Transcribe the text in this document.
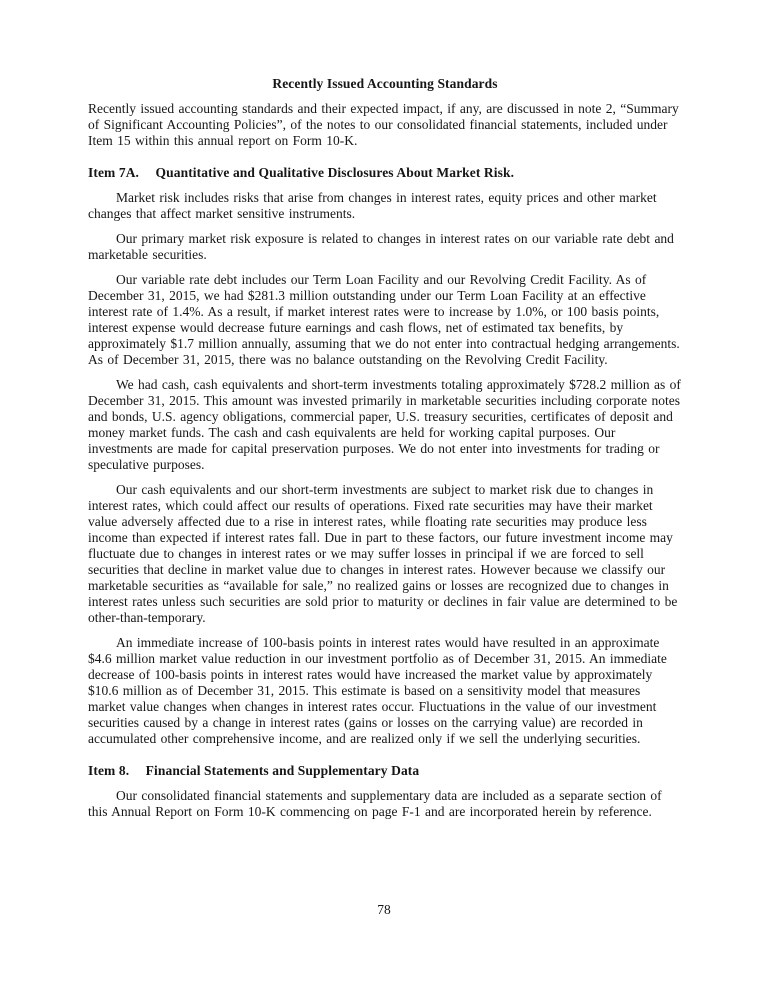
Recently Issued Accounting Standards

Recently issued accounting standards and their expected impact, if any, are discussed in note 2, “Summary of Significant Accounting Policies”, of the notes to our consolidated financial statements, included under Item 15 within this annual report on Form 10-K.

Item 7A. Quantitative and Qualitative Disclosures About Market Risk.

Market risk includes risks that arise from changes in interest rates, equity prices and other market changes that affect market sensitive instruments.

Our primary market risk exposure is related to changes in interest rates on our variable rate debt and marketable securities.

Our variable rate debt includes our Term Loan Facility and our Revolving Credit Facility. As of December 31, 2015, we had $281.3 million outstanding under our Term Loan Facility at an effective interest rate of 1.4%. As a result, if market interest rates were to increase by 1.0%, or 100 basis points, interest expense would decrease future earnings and cash flows, net of estimated tax benefits, by approximately $1.7 million annually, assuming that we do not enter into contractual hedging arrangements. As of December 31, 2015, there was no balance outstanding on the Revolving Credit Facility.

We had cash, cash equivalents and short-term investments totaling approximately $728.2 million as of December 31, 2015. This amount was invested primarily in marketable securities including corporate notes and bonds, U.S. agency obligations, commercial paper, U.S. treasury securities, certificates of deposit and money market funds. The cash and cash equivalents are held for working capital purposes. Our investments are made for capital preservation purposes. We do not enter into investments for trading or speculative purposes.

Our cash equivalents and our short-term investments are subject to market risk due to changes in interest rates, which could affect our results of operations. Fixed rate securities may have their market value adversely affected due to a rise in interest rates, while floating rate securities may produce less income than expected if interest rates fall. Due in part to these factors, our future investment income may fluctuate due to changes in interest rates or we may suffer losses in principal if we are forced to sell securities that decline in market value due to changes in interest rates. However because we classify our marketable securities as “available for sale,” no realized gains or losses are recognized due to changes in interest rates unless such securities are sold prior to maturity or declines in fair value are determined to be other-than-temporary.

An immediate increase of 100-basis points in interest rates would have resulted in an approximate $4.6 million market value reduction in our investment portfolio as of December 31, 2015. An immediate decrease of 100-basis points in interest rates would have increased the market value by approximately $10.6 million as of December 31, 2015. This estimate is based on a sensitivity model that measures market value changes when changes in interest rates occur. Fluctuations in the value of our investment securities caused by a change in interest rates (gains or losses on the carrying value) are recorded in accumulated other comprehensive income, and are realized only if we sell the underlying securities.

Item 8. Financial Statements and Supplementary Data

Our consolidated financial statements and supplementary data are included as a separate section of this Annual Report on Form 10-K commencing on page F-1 and are incorporated herein by reference.

78
